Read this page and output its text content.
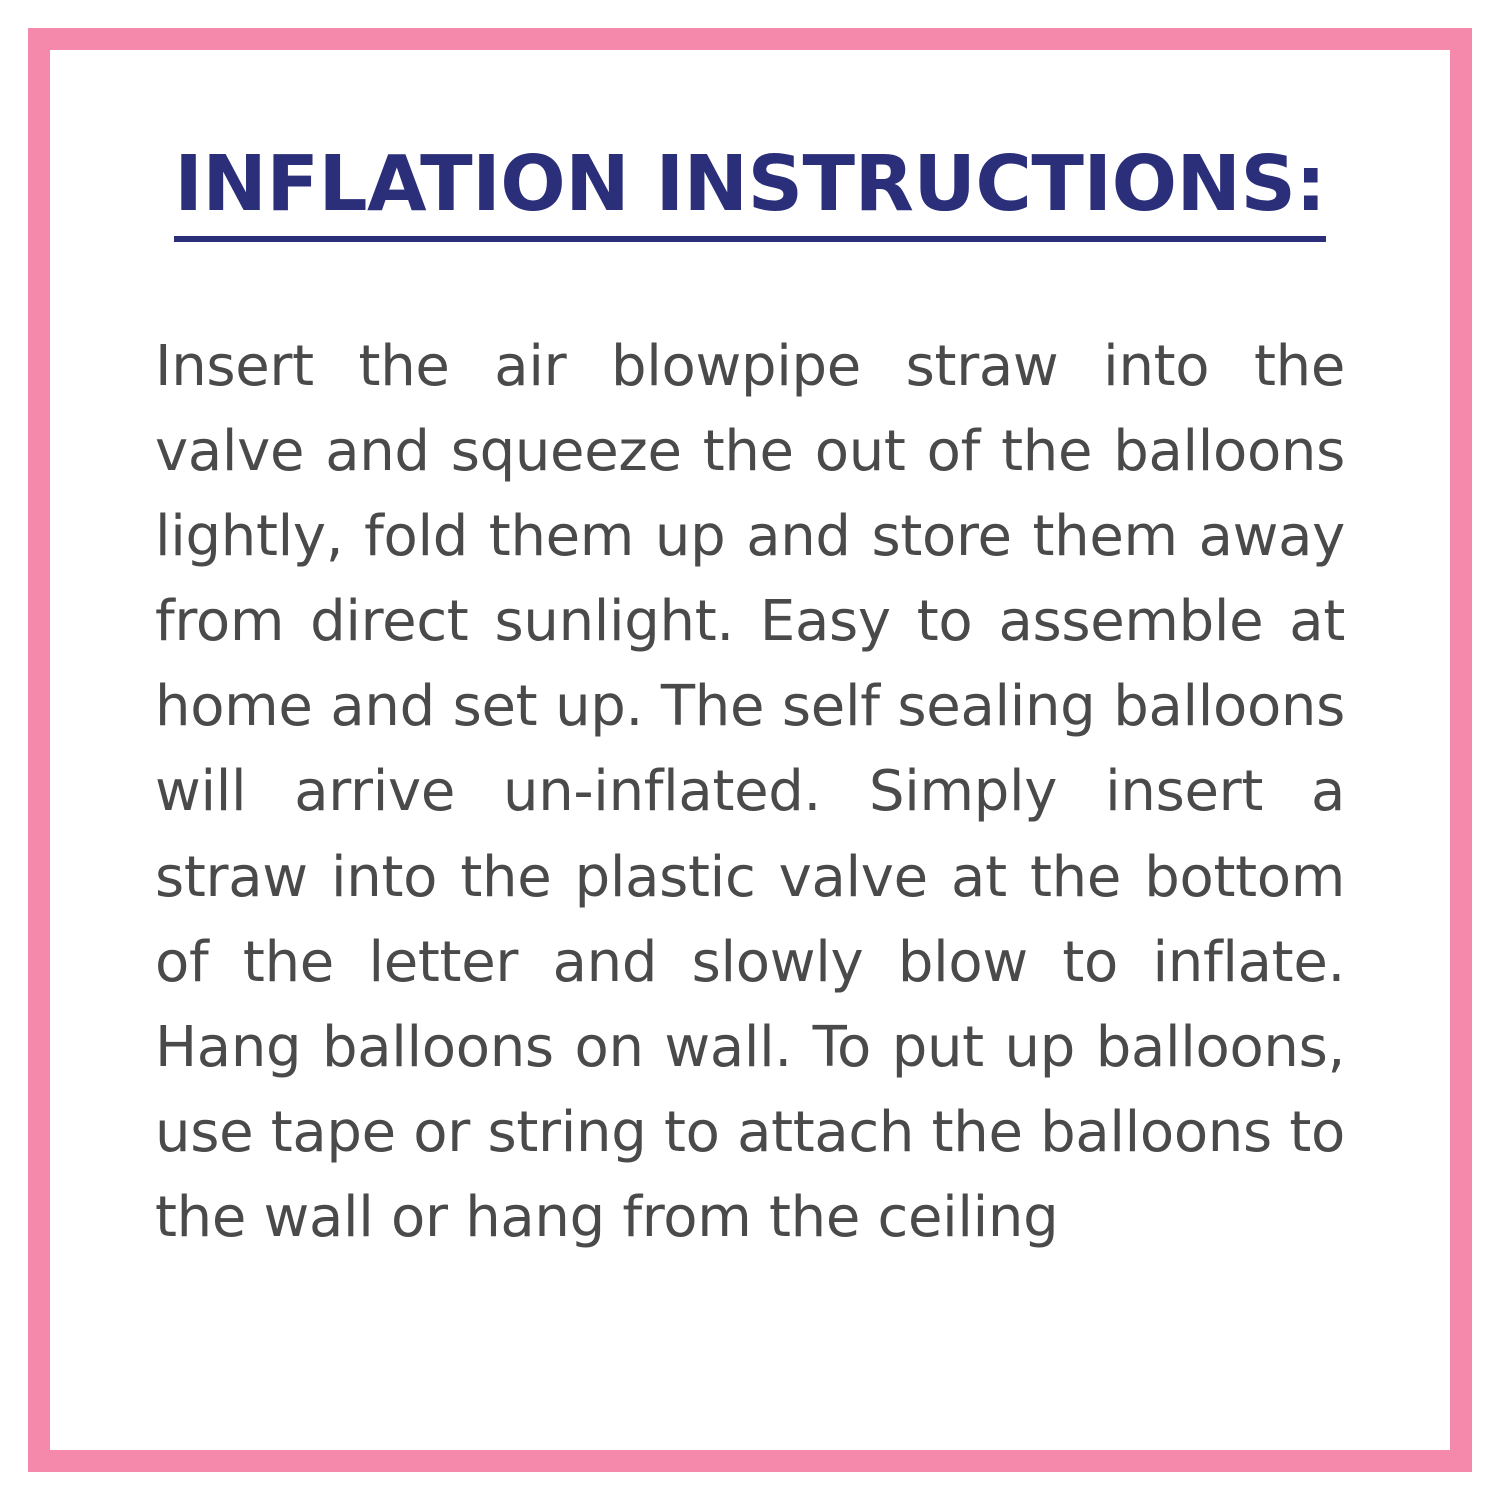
INFLATION INSTRUCTIONS:

Insert the air blowpipe straw into the valve and squeeze the out of the balloons lightly, fold them up and store them away from direct sunlight. Easy to assemble at home and set up. The self sealing balloons will arrive un-inflated. Simply insert a straw into the plastic valve at the bottom of the letter and slowly blow to inflate. Hang balloons on wall. To put up balloons, use tape or string to attach the balloons to the wall or hang from the ceiling
